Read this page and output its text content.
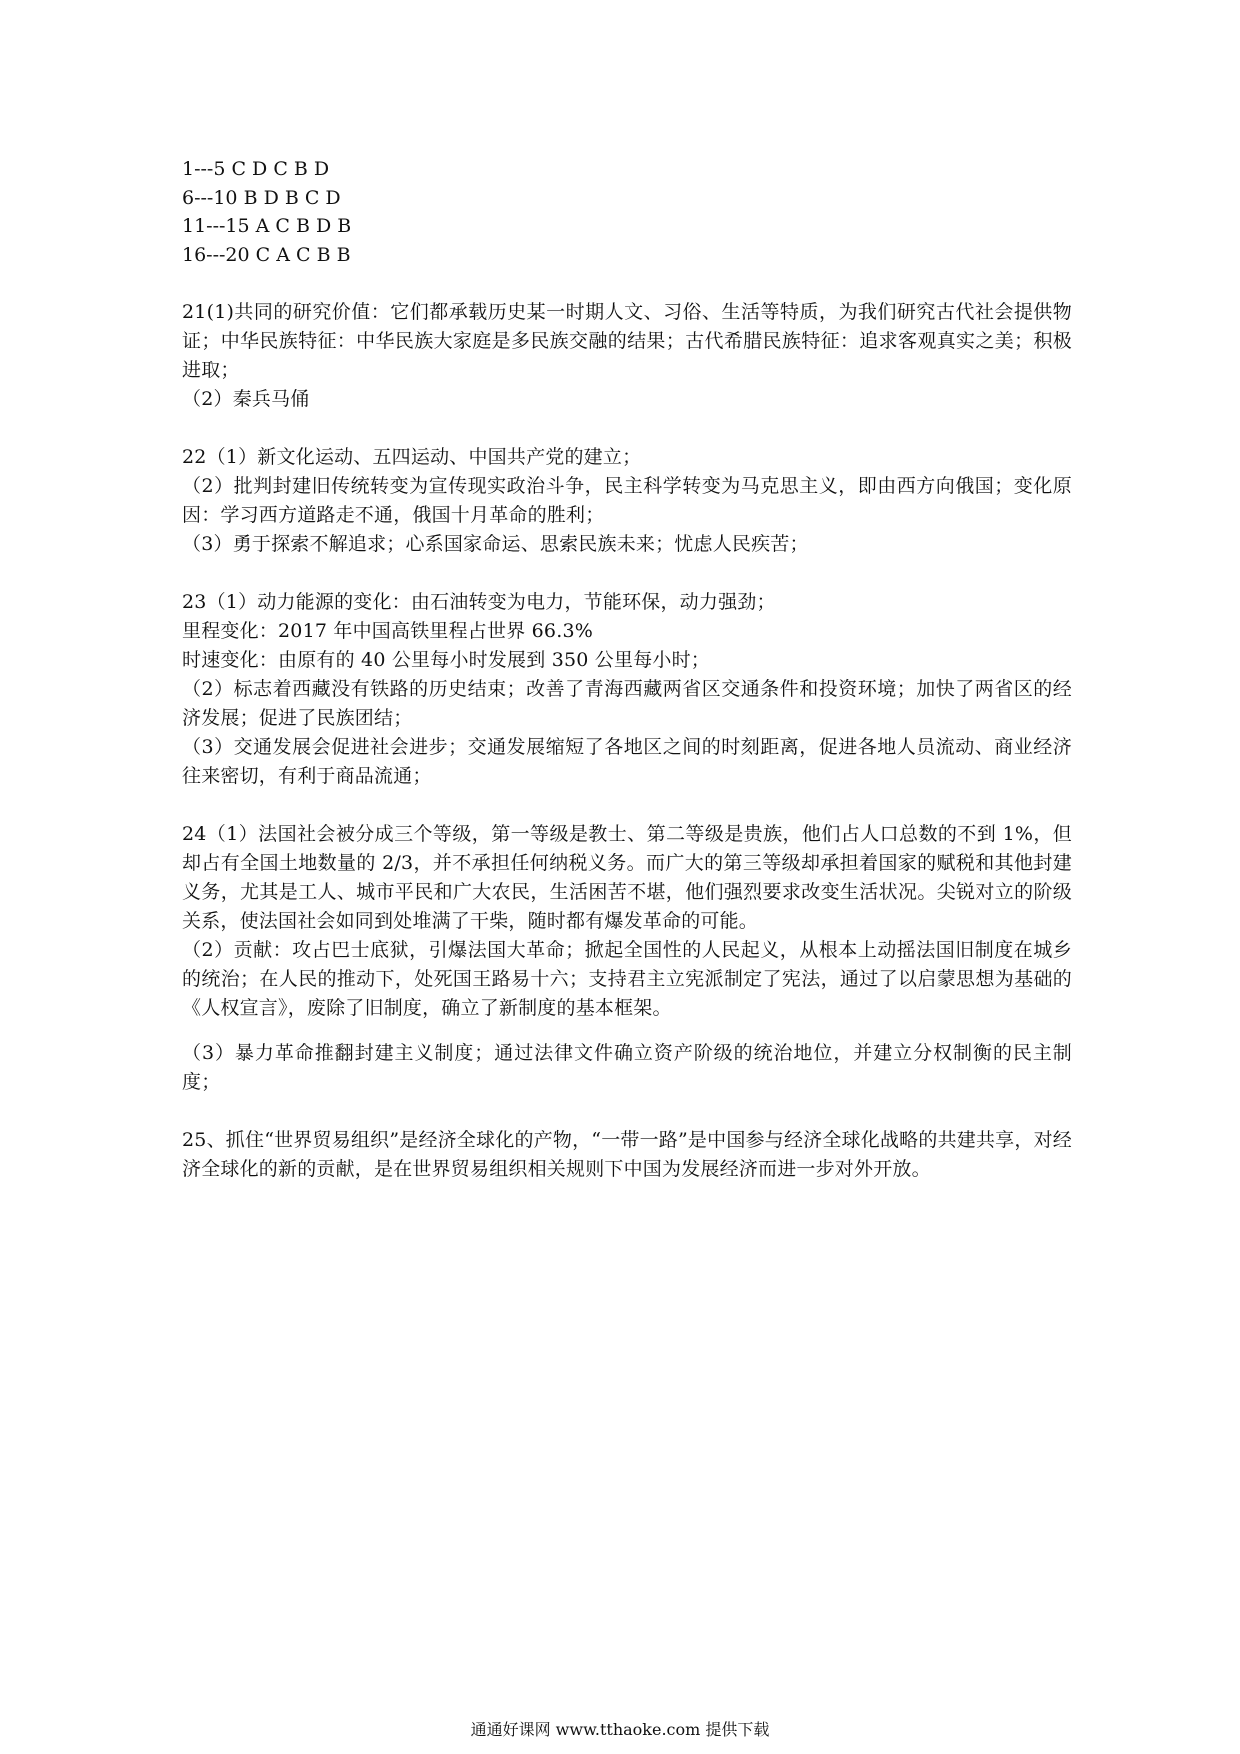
1---5 C D C B D
6---10 B D B C D
11---15 A C B D B
16---20 C A C B B
21(1)共同的研究价值：它们都承载历史某一时期人文、习俗、生活等特质，为我们研究古代社会提供物证；中华民族特征：中华民族大家庭是多民族交融的结果；古代希腊民族特征：追求客观真实之美；积极进取；
（2）秦兵马俑
22（1）新文化运动、五四运动、中国共产党的建立；
（2）批判封建旧传统转变为宣传现实政治斗争，民主科学转变为马克思主义，即由西方向俄国；变化原因：学习西方道路走不通，俄国十月革命的胜利；
（3）勇于探索不解追求；心系国家命运、思索民族未来；忧虑人民疾苦；
23（1）动力能源的变化：由石油转变为电力，节能环保，动力强劲；
里程变化：2017 年中国高铁里程占世界 66.3%
时速变化：由原有的 40 公里每小时发展到 350 公里每小时；
（2）标志着西藏没有铁路的历史结束；改善了青海西藏两省区交通条件和投资环境；加快了两省区的经济发展；促进了民族团结；
（3）交通发展会促进社会进步；交通发展缩短了各地区之间的时刻距离，促进各地人员流动、商业经济往来密切，有利于商品流通；
24（1）法国社会被分成三个等级，第一等级是教士、第二等级是贵族，他们占人口总数的不到 1%，但却占有全国土地数量的 2/3，并不承担任何纳税义务。而广大的第三等级却承担着国家的赋税和其他封建义务，尤其是工人、城市平民和广大农民，生活困苦不堪，他们强烈要求改变生活状况。尖锐对立的阶级关系，使法国社会如同到处堆满了干柴，随时都有爆发革命的可能。
（2）贡献：攻占巴士底狱，引爆法国大革命；掀起全国性的人民起义，从根本上动摇法国旧制度在城乡的统治；在人民的推动下，处死国王路易十六；支持君主立宪派制定了宪法，通过了以启蒙思想为基础的《人权宣言》，废除了旧制度，确立了新制度的基本框架。
（3）暴力革命推翻封建主义制度；通过法律文件确立资产阶级的统治地位，并建立分权制衡的民主制度；
25、抓住“世界贸易组织”是经济全球化的产物，“一带一路”是中国参与经济全球化战略的共建共享，对经济全球化的新的贡献，是在世界贸易组织相关规则下中国为发展经济而进一步对外开放。
通通好课网 www.tthaoke.com 提供下载
